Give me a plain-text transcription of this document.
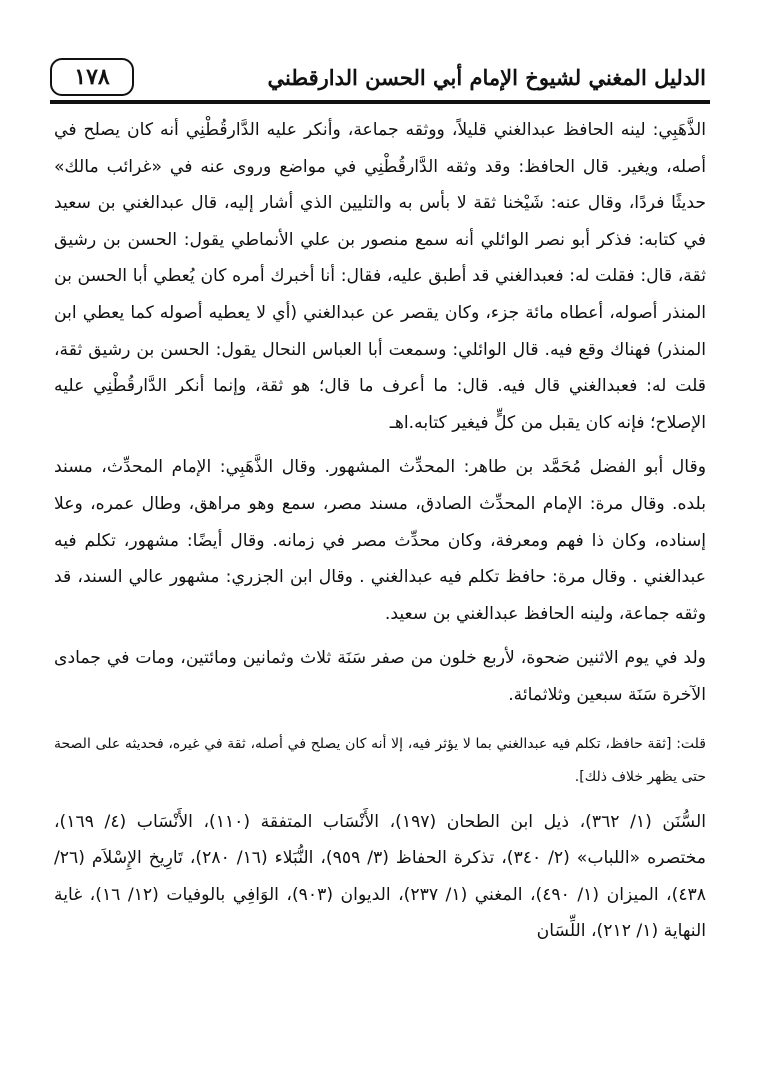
١٧٨	الدليل المغني لشيوخ الإمام أبي الحسن الدارقطني

الذَّهَبِي: لينه الحافظ عبدالغني قليلاً، ووثقه جماعة، وأنكر عليه الدَّارقُطْنِي أنه كان يصلح في أصله، ويغير. قال الحافظ: وقد وثقه الدَّارقُطْنِي في مواضع وروى عنه في «غرائب مالك» حديثًا فردًا، وقال عنه: شَيْخنا ثقة لا بأس به والتليين الذي أشار إليه، قال عبدالغني بن سعيد في كتابه: فذكر أبو نصر الوائلي أنه سمع منصور بن علي الأنماطي يقول: الحسن بن رشيق ثقة، قال: فقلت له: فعبدالغني قد أطبق عليه، فقال: أنا أخبرك أمره كان يُعطي أبا الحسن بن المنذر أصوله، أعطاه مائة جزء، وكان يقصر عن عبدالغني (أي لا يعطيه أصوله كما يعطي ابن المنذر) فهناك وقع فيه. قال الوائلي: وسمعت أبا العباس النحال يقول: الحسن بن رشيق ثقة، قلت له: فعبدالغني قال فيه. قال: ما أعرف ما قال؛ هو ثقة، وإنما أنكر الدَّارقُطْنِي عليه الإصلاح؛ فإنه كان يقبل من كلٍّ فيغير كتابه.اهـ

وقال أبو الفضل مُحَمَّد بن طاهر: المحدِّث المشهور. وقال الذَّهَبِي: الإمام المحدِّث، مسند بلده. وقال مرة: الإمام المحدِّث الصادق، مسند مصر، سمع وهو مراهق، وطال عمره، وعلا إسناده، وكان ذا فهم ومعرفة، وكان محدِّث مصر في زمانه. وقال أيضًا: مشهور، تكلم فيه عبدالغني . وقال مرة: حافظ تكلم فيه عبدالغني . وقال ابن الجزري: مشهور عالي السند، قد وثقه جماعة، ولينه الحافظ عبدالغني بن سعيد.

ولد في يوم الاثنين ضحوة، لأربع خلون من صفر سَنَة ثلاث وثمانين ومائتين، ومات في جمادى الآخرة سَنَة سبعين وثلاثمائة.

قلت: [ثقة حافظ، تكلم فيه عبدالغني بما لا يؤثر فيه، إلا أنه كان يصلح في أصله، ثقة في غيره، فحديثه على الصحة حتى يظهر خلاف ذلك].

السُّنَن (١/ ٣٦٢)، ذيل ابن الطحان (١٩٧)، الأَنْسَاب المتفقة (١١٠)، الأَنْسَاب (٤/ ١٦٩)، مختصره «اللباب» (٢/ ٣٤٠)، تذكرة الحفاظ (٣/ ٩٥٩)، النُّبَلاء (١٦/ ٢٨٠)، تَارِيخ الإِسْلاَم (٢٦/ ٤٣٨)، الميزان (١/ ٤٩٠)، المغني (١/ ٢٣٧)، الديوان (٩٠٣)، الوَافِي بالوفيات (١٢/ ١٦)، غاية النهاية (١/ ٢١٢)، اللِّسَان
